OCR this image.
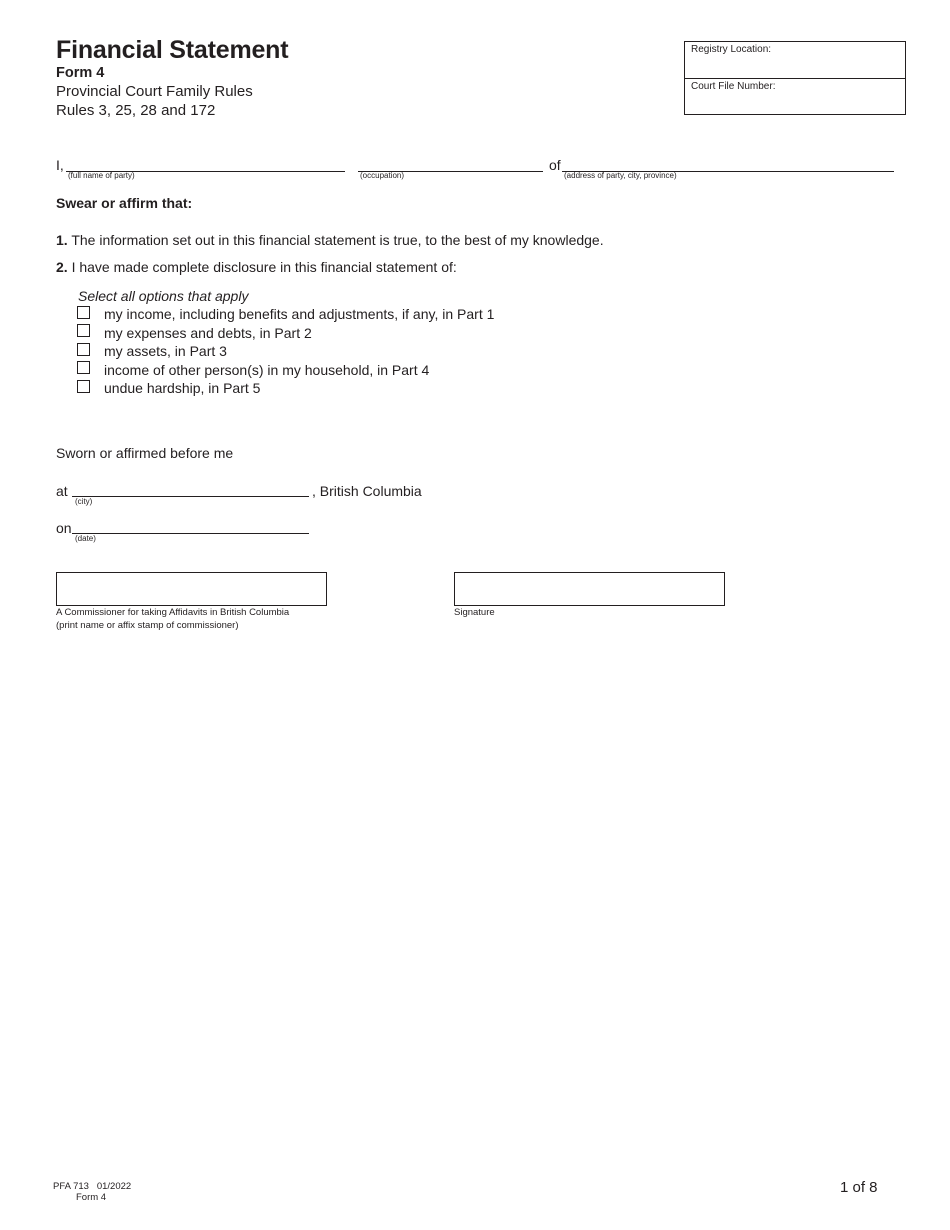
Financial Statement
Form 4
Provincial Court Family Rules
Rules 3, 25, 28 and 172
Registry Location:
Court File Number:
I,
(full name of party)	(occupation)
of
(address of party, city, province)
Swear or affirm that:
1. The information set out in this financial statement is true, to the best of my knowledge.
2. I have made complete disclosure in this financial statement of:
Select all options that apply
my income, including benefits and adjustments, if any, in Part 1
my expenses and debts, in Part 2
my assets, in Part 3
income of other person(s) in my household, in Part 4
undue hardship, in Part 5
Sworn or affirmed before me
at
(city)
, British Columbia
on
(date)
A Commissioner for taking Affidavits in British Columbia
(print name or affix stamp of commissioner)
Signature
PFA 713   01/2022
Form 4
1 of 8
